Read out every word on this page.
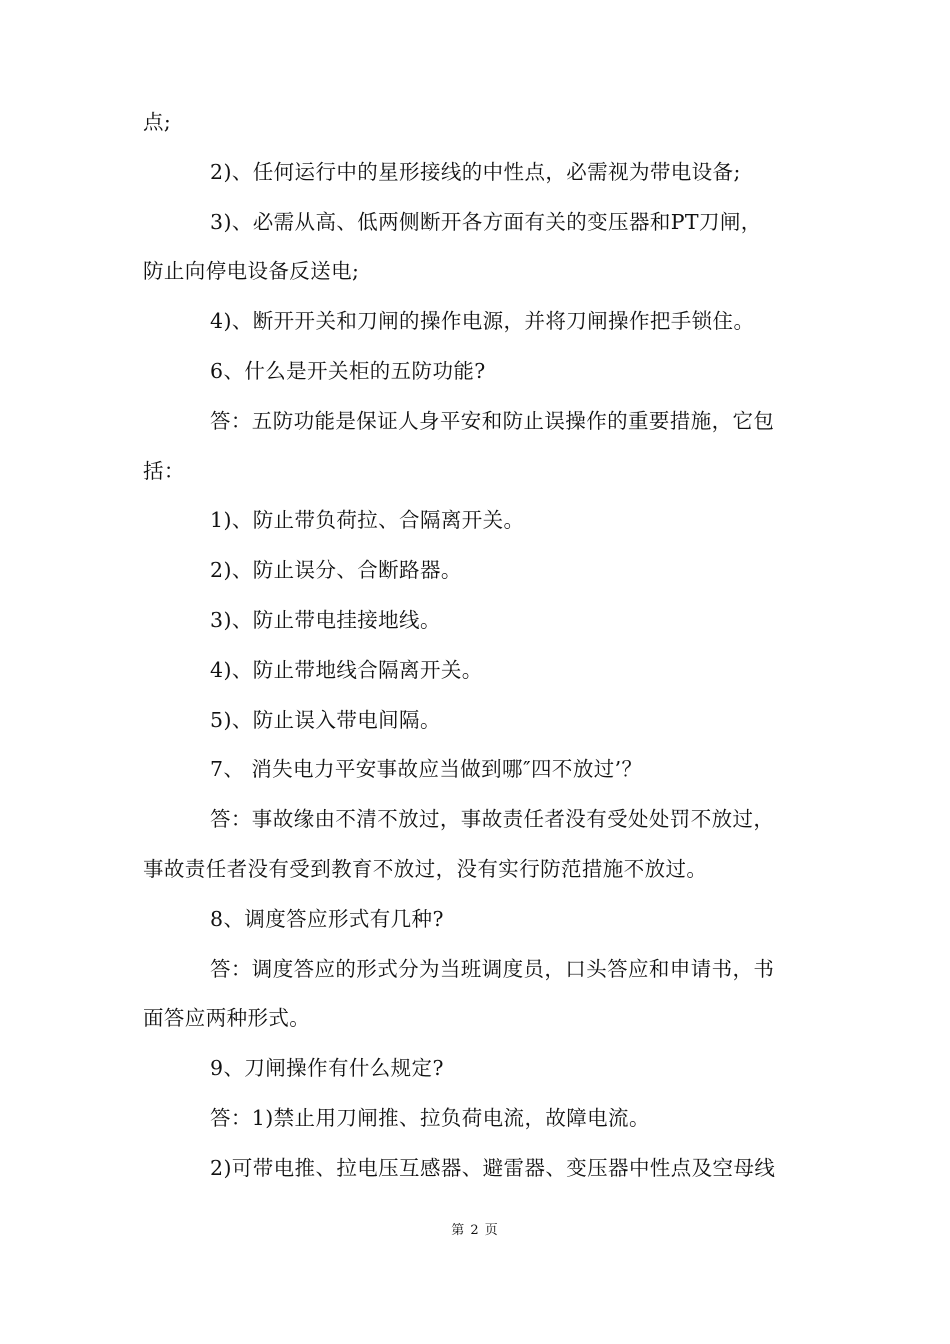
点;
2)、任何运行中的星形接线的中性点，必需视为带电设备;
3)、必需从高、低两侧断开各方面有关的变压器和PT刀闸，
防止向停电设备反送电;
4)、断开开关和刀闸的操作电源，并将刀闸操作把手锁住。
6、什么是开关柜的五防功能?
答：五防功能是保证人身平安和防止误操作的重要措施，它包
括：
1)、防止带负荷拉、合隔离开关。
2)、防止误分、合断路器。
3)、防止带电挂接地线。
4)、防止带地线合隔离开关。
5)、防止误入带电间隔。
7、 消失电力平安事故应当做到哪″四不放过’？
答：事故缘由不清不放过，事故责任者没有受处处罚不放过，
事故责任者没有受到教育不放过，没有实行防范措施不放过。
8、调度答应形式有几种?
答：调度答应的形式分为当班调度员，口头答应和申请书，书
面答应两种形式。
9、刀闸操作有什么规定?
答：1)禁止用刀闸推、拉负荷电流，故障电流。
2)可带电推、拉电压互感器、避雷器、变压器中性点及空母线
第 2 页
